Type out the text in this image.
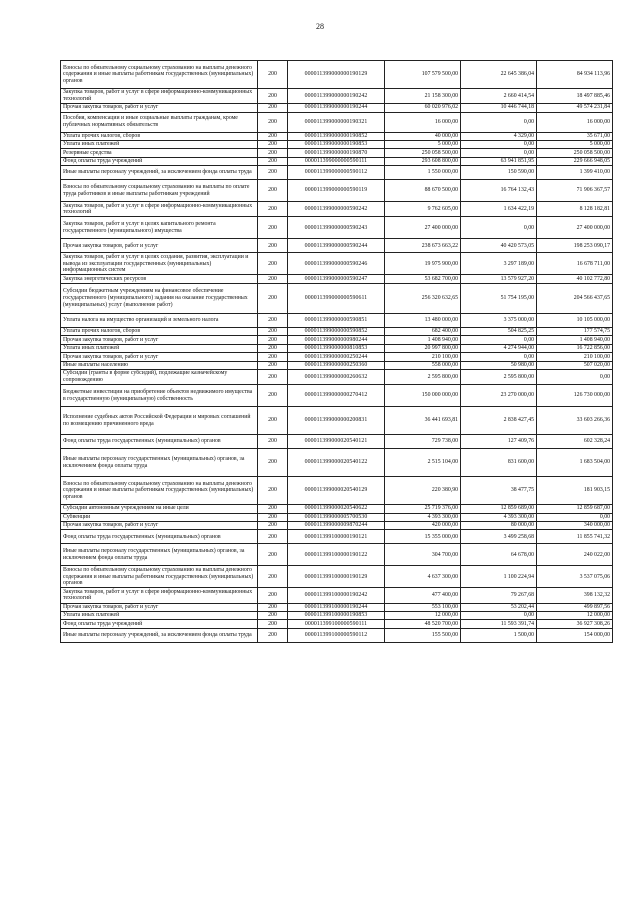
28
Взносы по обязательному социальному страхованию на выплаты денежного содержания и иные выплаты работникам государственных (муниципальных) органов	200	000011399000000190129	107 579 500,00	22 645 386,04	84 934 113,96
Закупка товаров, работ и услуг в сфере информационно-коммуникационных технологий	200	000011399000000190242	21 158 300,00	2 660 414,54	18 497 885,46
Прочая закупка товаров, работ и услуг	200	000011399000000190244	60 020 976,02	10 446 744,18	49 574 231,84
Пособия, компенсации и иные социальные выплаты гражданам, кроме публичных нормативных обязательств	200	000011399000000190321	16 000,00	0,00	16 000,00
Уплата прочих налогов, сборов	200	000011399000000190852	40 000,00	4 329,00	35 671,00
Уплата иных платежей	200	000011399000000190853	5 000,00	0,00	5 000,00
Резервные средства	200	000011399000000190870	250 058 500,00	0,00	250 058 500,00
Фонд оплаты труда учреждений	200	000011399000000590111	293 608 800,00	63 941 851,95	229 666 948,05
Иные выплаты персоналу учреждений, за исключением фонда оплаты труда	200	000011399000000590112	1 550 000,00	150 590,00	1 399 410,00
Взносы по обязательному социальному страхованию на выплаты по оплате труда работников и иные выплаты работникам учреждений	200	000011399000000590119	88 670 500,00	16 764 132,43	71 906 367,57
Закупка товаров, работ и услуг в сфере информационно-коммуникационных технологий	200	000011399000000590242	9 762 605,00	1 634 422,19	8 128 182,81
Закупка товаров, работ и услуг в целях капитального ремонта государственного (муниципального) имущества	200	000011399000000590243	27 400 000,00	0,00	27 400 000,00
Прочая закупка товаров, работ и услуг	200	000011399000000590244	238 673 663,22	40 420 573,05	198 253 090,17
Закупка товаров, работ и услуг в целях создания, развития, эксплуатации и вывода из эксплуатации государственных (муниципальных) информационных систем	200	000011399000000590246	19 975 900,00	3 297 189,00	16 678 711,00
Закупка энергетических ресурсов	200	000011399000000590247	53 682 700,00	13 579 927,20	40 102 772,80
Субсидии бюджетным учреждениям на финансовое обеспечение государственного (муниципального) задания на оказание государственных (муниципальных) услуг (выполнение работ)	200	000011399000000590611	256 320 632,65	51 754 195,00	204 566 437,65
Уплата налога на имущество организаций и земельного налога	200	000011399000000590851	13 480 000,00	3 375 000,00	10 105 000,00
Уплата прочих налогов, сборов	200	000011399000000590852	682 400,00	504 825,25	177 574,75
Прочая закупка товаров, работ и услуг	200	000011399000000980244	1 408 940,00	0,00	1 408 940,00
Уплата иных платежей	200	000011399000000810853	20 997 800,00	4 274 944,00	16 722 856,00
Прочая закупка товаров, работ и услуг	200	000011399000000250244	210 100,00	0,00	210 100,00
Иные выплаты населению	200	000011399000000250360	558 000,00	50 980,00	507 020,00
Субсидии (гранты в форме субсидий), подлежащие казначейскому сопровождению	200	000011399000000260632	2 595 800,00	2 595 800,00	0,00
Бюджетные инвестиции на приобретение объектов недвижимого имущества в государственную (муниципальную) собственность	200	000011399000000270412	150 000 000,00	23 270 000,00	126 730 000,00
Исполнение судебных актов Российской Федерации и мировых соглашений по возмещению причиненного вреда	200	000011399000000200831	36 441 693,81	2 838 427,45	33 603 266,36
Фонд оплаты труда государственных (муниципальных) органов	200	000011399000020540121	729 738,00	127 409,76	602 328,24
Иные выплаты персоналу государственных (муниципальных) органов, за исключением фонда оплаты труда	200	000011399000020540122	2 515 104,00	831 600,00	1 683 504,00
Взносы по обязательному социальному страхованию на выплаты денежного содержания и иные выплаты работникам государственных (муниципальных) органов	200	000011399000020540129	220 380,90	38 477,75	181 903,15
Субсидии автономным учреждениям на иные цели	200	000011399000020540622	25 719 376,00	12 859 689,00	12 859 687,00
Субвенции	200	000011399000005700530	4 393 300,00	4 393 300,00	0,00
Прочая закупка товаров, работ и услуг	200	000011399000009870244	420 000,00	80 000,00	340 000,00
Фонд оплаты труда государственных (муниципальных) органов	200	000011399100000190121	15 355 000,00	3 499 258,68	11 855 741,32
Иные выплаты персоналу государственных (муниципальных) органов, за исключением фонда оплаты труда	200	000011399100000190122	304 700,00	64 678,00	240 022,00
Взносы по обязательному социальному страхованию на выплаты денежного содержания и иные выплаты работникам государственных (муниципальных) органов	200	000011399100000190129	4 637 300,00	1 100 224,94	3 537 075,06
Закупка товаров, работ и услуг в сфере информационно-коммуникационных технологий	200	000011399100000190242	477 400,00	79 267,68	398 132,32
Прочая закупка товаров, работ и услуг	200	000011399100000190244	553 100,00	53 202,44	499 897,56
Уплата иных платежей	200	000011399100000190853	12 000,00	0,00	12 000,00
Фонд оплаты труда учреждений	200	000011399100000590111	48 520 700,00	11 593 391,74	36 927 308,26
Иные выплаты персоналу учреждений, за исключением фонда оплаты труда	200	000011399100000590112	155 500,00	1 500,00	154 000,00
